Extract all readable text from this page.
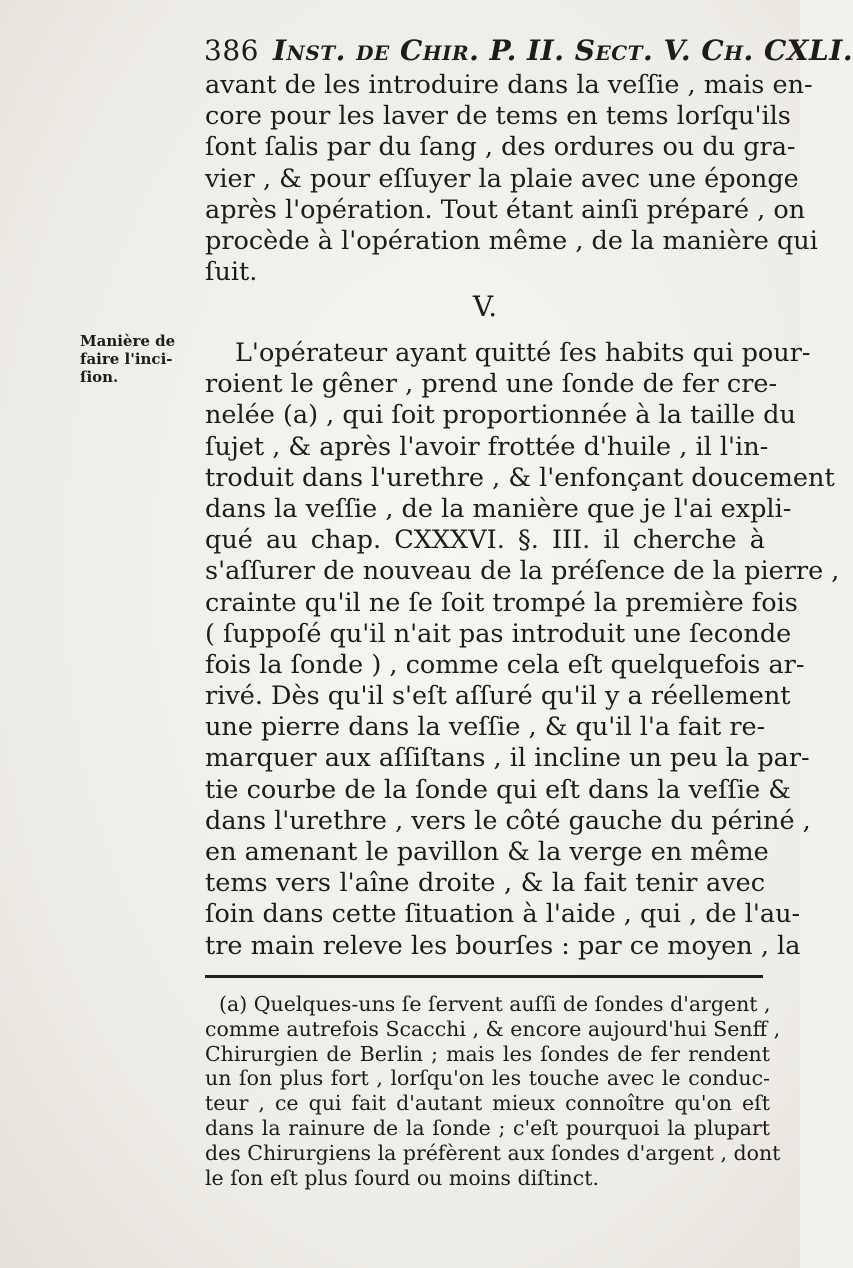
386 Inst. de Chir. P. II. Sect. V. Ch. CXLI.
avant de les introduire dans la veſſie , mais en-
core pour les laver de tems en tems lorſqu'ils
ſont ſalis par du ſang , des ordures ou du gra-
vier , & pour eſſuyer la plaie avec une éponge
après l'opération. Tout étant ainſi préparé , on
procède à l'opération même , de la manière qui
ſuit.
V.
Manière de
faire l'inci-
ſion.
L'opérateur ayant quitté ſes habits qui pour-
roient le gêner , prend une ſonde de fer cre-
nelée (a) , qui ſoit proportionnée à la taille du
ſujet , & après l'avoir frottée d'huile , il l'in-
troduit dans l'urethre , & l'enfonçant doucement
dans la veſſie , de la manière que je l'ai expli-
qué au chap. CXXXVI. §. III. il cherche à
s'aſſurer de nouveau de la préſence de la pierre ,
crainte qu'il ne ſe ſoit trompé la première fois
( ſuppoſé qu'il n'ait pas introduit une ſeconde
fois la ſonde ) , comme cela eſt quelquefois ar-
rivé. Dès qu'il s'eſt aſſuré qu'il y a réellement
une pierre dans la veſſie , & qu'il l'a fait re-
marquer aux aſſiſtans , il incline un peu la par-
tie courbe de la ſonde qui eſt dans la veſſie &
dans l'urethre , vers le côté gauche du périné ,
en amenant le pavillon & la verge en même
tems vers l'aîne droite , & la fait tenir avec
ſoin dans cette ſituation à l'aide , qui , de l'au-
tre main releve les bourſes : par ce moyen , la
(a) Quelques-uns ſe ſervent auſſi de ſondes d'argent ,
comme autrefois Scacchi , & encore aujourd'hui Senff ,
Chirurgien de Berlin ; mais les ſondes de fer rendent
un ſon plus fort , lorſqu'on les touche avec le conduc-
teur , ce qui fait d'autant mieux connoître qu'on eſt
dans la rainure de la ſonde ; c'eſt pourquoi la plupart
des Chirurgiens la préfèrent aux ſondes d'argent , dont
le ſon eſt plus ſourd ou moins diſtinct.
